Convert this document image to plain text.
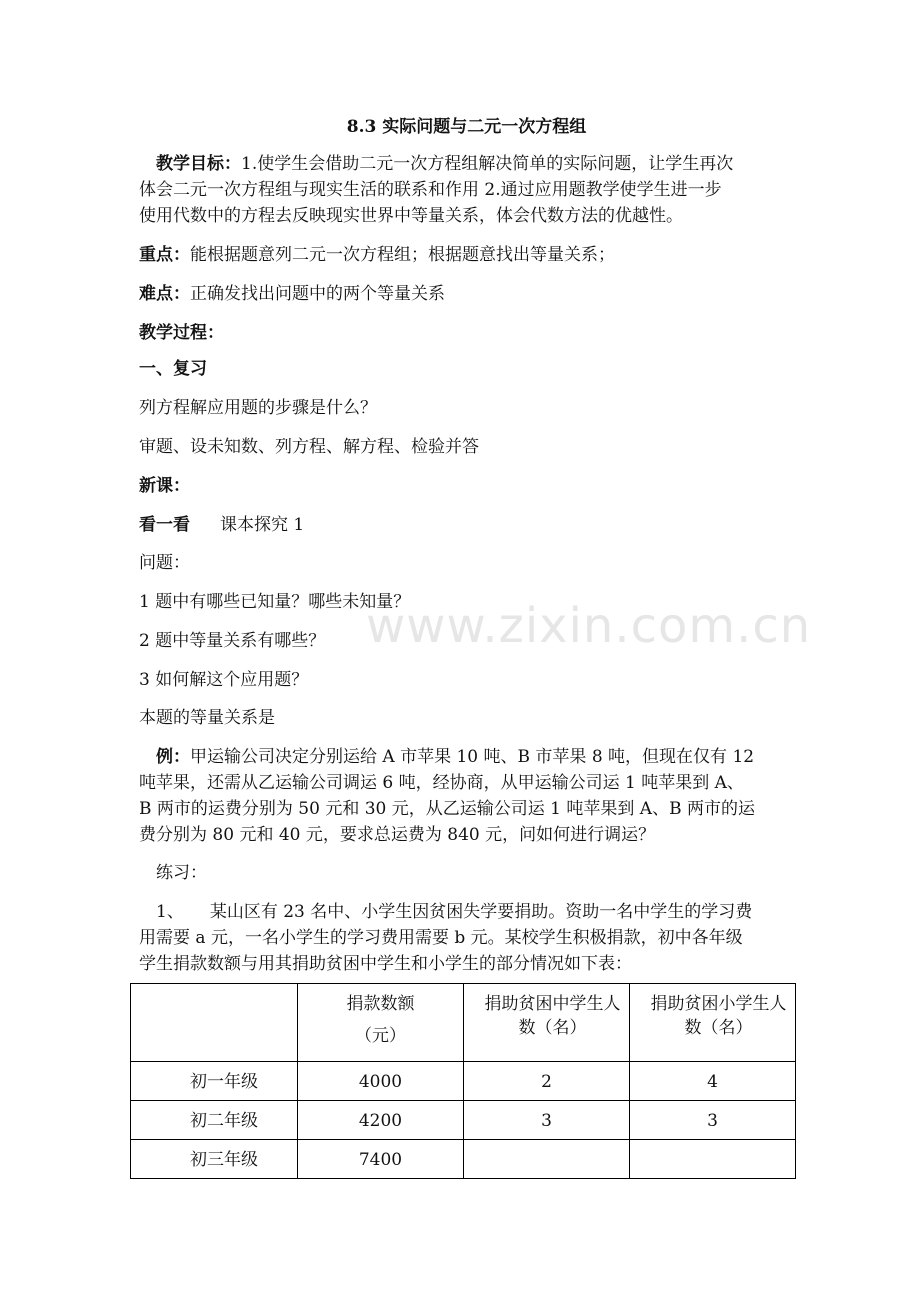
www.zixin.com.cn
8.3 实际问题与二元一次方程组
教学目标：1.使学生会借助二元一次方程组解决简单的实际问题，让学生再次
体会二元一次方程组与现实生活的联系和作用 2.通过应用题教学使学生进一步
使用代数中的方程去反映现实世界中等量关系，体会代数方法的优越性。
重点：能根据题意列二元一次方程组；根据题意找出等量关系；
难点：正确发找出问题中的两个等量关系
教学过程：
一、复习
列方程解应用题的步骤是什么？
审题、设未知数、列方程、解方程、检验并答
新课：
看一看 课本探究 1
问题：
1 题中有哪些已知量？哪些未知量？
2 题中等量关系有哪些？
3 如何解这个应用题？
本题的等量关系是
例：甲运输公司决定分别运给 A 市苹果 10 吨、B 市苹果 8 吨，但现在仅有 12
吨苹果，还需从乙运输公司调运 6 吨，经协商，从甲运输公司运 1 吨苹果到 A、
B 两市的运费分别为 50 元和 30 元，从乙运输公司运 1 吨苹果到 A、B 两市的运
费分别为 80 元和 40 元，要求总运费为 840 元，问如何进行调运？
练习：
1、 某山区有 23 名中、小学生因贫困失学要捐助。资助一名中学生的学习费
用需要 a 元，一名小学生的学习费用需要 b 元。某校学生积极捐款，初中各年级
学生捐款数额与用其捐助贫困中学生和小学生的部分情况如下表：

	捐款数额
（元）	捐助贫困中学生人数（名）	捐助贫困小学生人数（名）

初一年级	4000	2	4

初二年级	4200	3	3

初三年级	7400		
